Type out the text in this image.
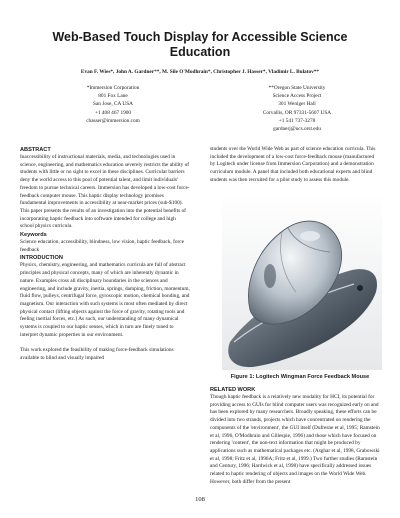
Web-Based Touch Display for Accessible Science Education
Evan F. Wies*, John A. Gardner**, M. Sile O'Modhrain*, Christopher J. Hasser*, Vladimir L. Bulatov**
*Immersion Corporation
801 Fox Lane
San Jose, CA USA
+1 408 467 1900
chasser@immersion.com
**Oregon State University
Science Access Project
301 Weniger Hall
Corvallis, OR 97331-5607 USA
+1 541 737-3278
gardnerj@ucs.orst.edu

ABSTRACT

Inaccessibility of instructional materials, media, and technologies used in science, engineering, and mathematics education severely restricts the ability of students with little or no sight to excel in these disciplines. Curricular barriers deny the world access to this pool of potential talent, and limit individuals' freedom to pursue technical careers. Immersion has developed a low-cost force-feedback computer mouse. This haptic display technology promises fundamental improvements in accessibility at near-market prices (sub-$100). This paper presents the results of an investigation into the potential benefits of incorporating haptic feedback into software intended for college and high school physics curricula.

Keywords

Science education, accessibility, blindness, low vision, haptic feedback, force feedback

INTRODUCTION

Physics, chemistry, engineering, and mathematics curricula are full of abstract principles and physical concepts, many of which are inherently dynamic in nature. Examples cross all disciplinary boundaries in the sciences and engineering, and include gravity, inertia, springs, damping, friction, momentum, fluid flow, pulleys, centrifugal force, gyroscopic motion, chemical bonding, and magnetism. Our interaction with such systems is most often mediated by direct physical contact (lifting objects against the force of gravity, rotating tools and feeling inertial forces, etc.) As such, our understanding of many dynamical systems is coupled to our haptic senses, which in turn are finely tuned to interpret dynamic properties in our environment.

This work explored the feasibility of making force-feedback simulations available to blind and visually impaired

students over the World Wide Web as part of science education curricula. This included the development of a low-cost force-feedback mouse (manufactured by Logitech under license from Immersion Corporation) and a demonstration curriculum module. A panel that included both educational experts and blind students was then recruited for a pilot study to assess this module.

Figure 1: Logitech Wingman Force Feedback Mouse

RELATED WORK

Though haptic feedback is a relatively new modality for HCI, its potential for providing access to GUIs for blind computer users was recognized early on and has been explored by many researchers. Broadly speaking, these efforts can be divided into two strands, projects which have concentrated on rendering the components of the 'environment', the GUI itself (Dufresne et al, 1995; Ramstein et al, 1996, O'Modhrain and Gillespie, 1996) and those which have focused on rendering 'content', the non-text information that might be produced by applications such as mathematical packages etc. (Asghar et al, 1998, Grabowski et al, 1998; Fritz et al, 1996A; Fritz et al, 1999.) Two further studies (Ramstein and Century, 1996; Hardwick et al, 1998) have specifically addressed issues related to haptic rendering of objects and images on the World Wide Web. However, both differ from the present

108
